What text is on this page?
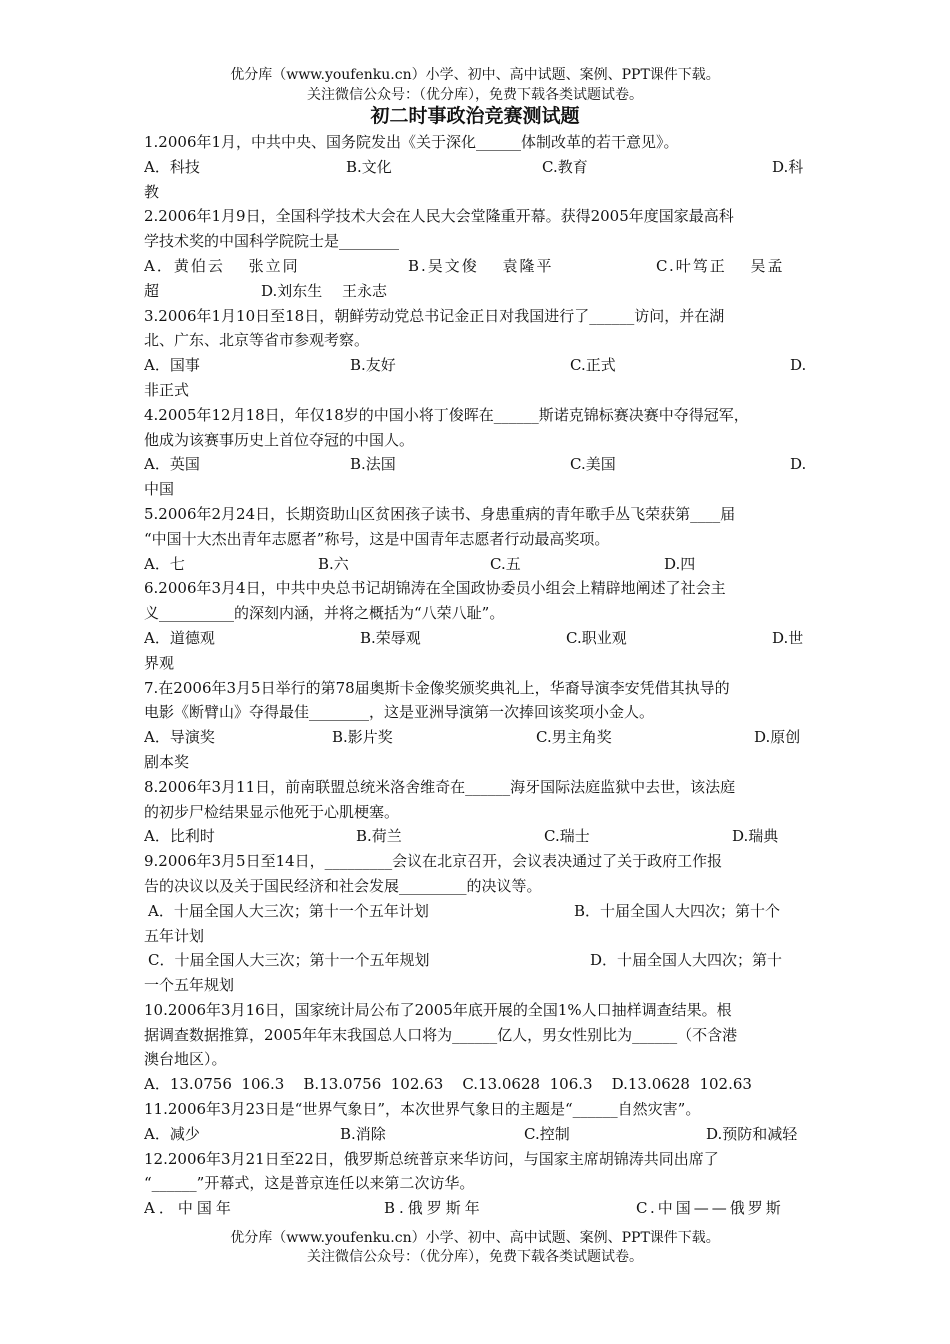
优分库（www.youfenku.cn）小学、初中、高中试题、案例、PPT课件下载。
关注微信公众号：（优分库），免费下载各类试题试卷。
初二时事政治竞赛测试题
1.2006年1月，中共中央、国务院发出《关于深化______体制改革的若干意见》。
A．科技	B.文化	C.教育	D.科
教
2.2006年1月9日，全国科学技术大会在人民大会堂隆重开幕。获得2005年度国家最高科
学技术奖的中国科学院院士是________
A．黄伯云　 张立同	B.吴文俊　 袁隆平	C.叶笃正　 吴孟
超	D.刘东生　 王永志
3.2006年1月10日至18日，朝鲜劳动党总书记金正日对我国进行了______访问，并在湖
北、广东、北京等省市参观考察。
A．国事	B.友好	C.正式	D.
非正式
4.2005年12月18日，年仅18岁的中国小将丁俊晖在______斯诺克锦标赛决赛中夺得冠军，
他成为该赛事历史上首位夺冠的中国人。
A．英国	B.法国	C.美国	D.
中国
5.2006年2月24日，长期资助山区贫困孩子读书、身患重病的青年歌手丛飞荣获第____届
“中国十大杰出青年志愿者”称号，这是中国青年志愿者行动最高奖项。
A．七	B.六	C.五	D.四
6.2006年3月4日，中共中央总书记胡锦涛在全国政协委员小组会上精辟地阐述了社会主
义__________的深刻内涵，并将之概括为“八荣八耻”。
A．道德观	B.荣辱观	C.职业观	D.世
界观
7.在2006年3月5日举行的第78届奥斯卡金像奖颁奖典礼上，华裔导演李安凭借其执导的
电影《断臂山》夺得最佳________，这是亚洲导演第一次捧回该奖项小金人。
A．导演奖	B.影片奖	C.男主角奖	D.原创
剧本奖
8.2006年3月11日，前南联盟总统米洛舍维奇在______海牙国际法庭监狱中去世，该法庭
的初步尸检结果显示他死于心肌梗塞。
A．比利时	B.荷兰	C.瑞士	D.瑞典
9.2006年3月5日至14日，_________会议在北京召开，会议表决通过了关于政府工作报
告的决议以及关于国民经济和社会发展_________的决议等。
A．十届全国人大三次；第十一个五年计划	B．十届全国人大四次；第十个
五年计划
C．十届全国人大三次；第十一个五年规划	D．十届全国人大四次；第十
一个五年规划
10.2006年3月16日，国家统计局公布了2005年底开展的全国1%人口抽样调查结果。根
据调查数据推算，2005年年末我国总人口将为______亿人，男女性别比为______（不含港
澳台地区）。
A．13.0756  106.3    B.13.0756  102.63    C.13.0628  106.3    D.13.0628  102.63
11.2006年3月23日是“世界气象日”，本次世界气象日的主题是“______自然灾害”。
A．减少	B.消除	C.控制	D.预防和减轻
12.2006年3月21日至22日，俄罗斯总统普京来华访问，与国家主席胡锦涛共同出席了
“______”开幕式，这是普京连任以来第二次访华。
A．中国年	B.俄罗斯年	C.中国——俄罗斯
优分库（www.youfenku.cn）小学、初中、高中试题、案例、PPT课件下载。
关注微信公众号：（优分库），免费下载各类试题试卷。
